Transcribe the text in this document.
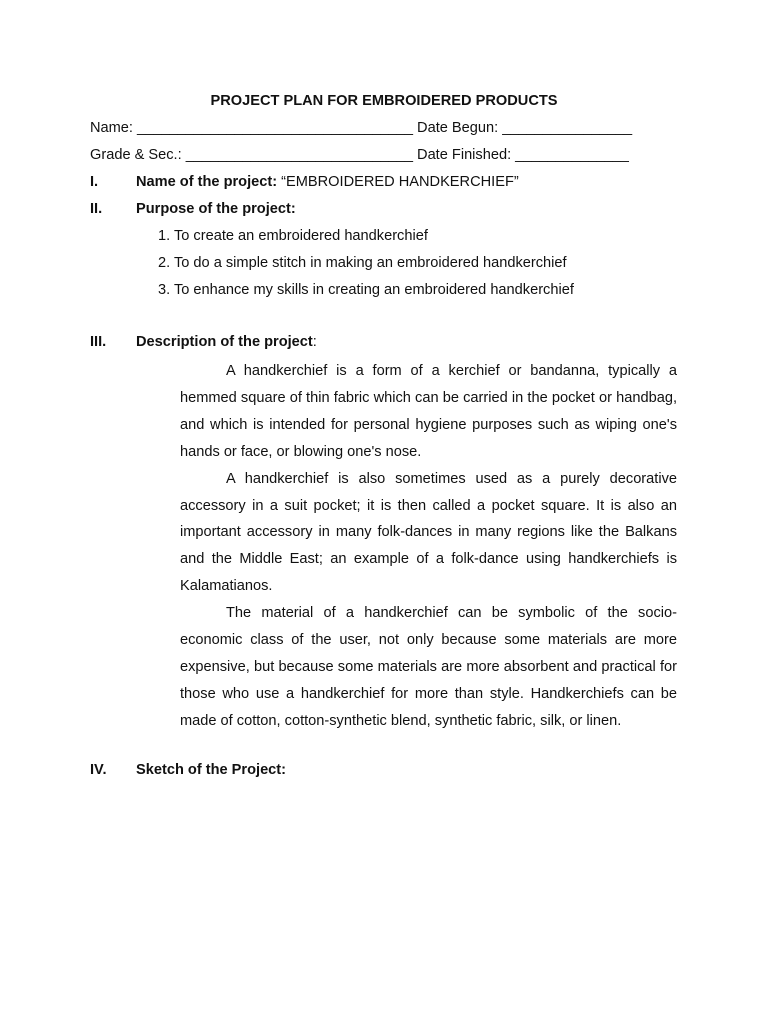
PROJECT PLAN FOR EMBROIDERED PRODUCTS
Name: __________________________________ Date Begun: ________________
Grade & Sec.: ____________________________ Date Finished: ______________
I.	Name of the project: “EMBROIDERED HANDKERCHIEF”
II. Purpose of the project:
1. To create an embroidered handkerchief
2. To do a simple stitch in making an embroidered handkerchief
3. To enhance my skills in creating an embroidered handkerchief
III. Description of the project:

A handkerchief is a form of a kerchief or bandanna, typically a hemmed square of thin fabric which can be carried in the pocket or handbag, and which is intended for personal hygiene purposes such as wiping one's hands or face, or blowing one's nose.

A handkerchief is also sometimes used as a purely decorative accessory in a suit pocket; it is then called a pocket square. It is also an important accessory in many folk-dances in many regions like the Balkans and the Middle East; an example of a folk-dance using handkerchiefs is Kalamatianos.

The material of a handkerchief can be symbolic of the socio-economic class of the user, not only because some materials are more expensive, but because some materials are more absorbent and practical for those who use a handkerchief for more than style. Handkerchiefs can be made of cotton, cotton-synthetic blend, synthetic fabric, silk, or linen.

IV. Sketch of the Project:
